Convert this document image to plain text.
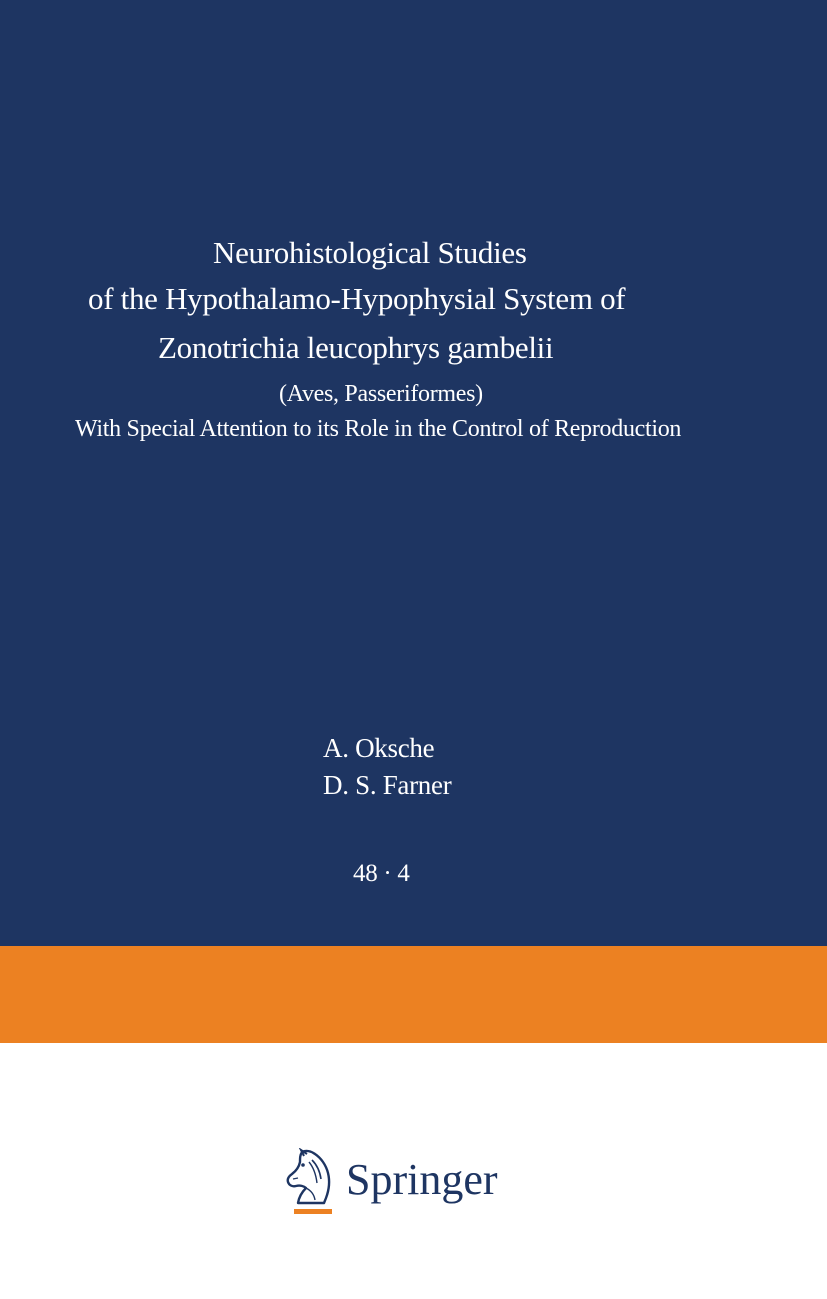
Neurohistological Studies
of the Hypothalamo-Hypophysial System of
Zonotrichia leucophrys gambelii
(Aves, Passeriformes)
With Special Attention to its Role in the Control of Reproduction
A. Oksche
D. S. Farner
48 · 4
Springer
